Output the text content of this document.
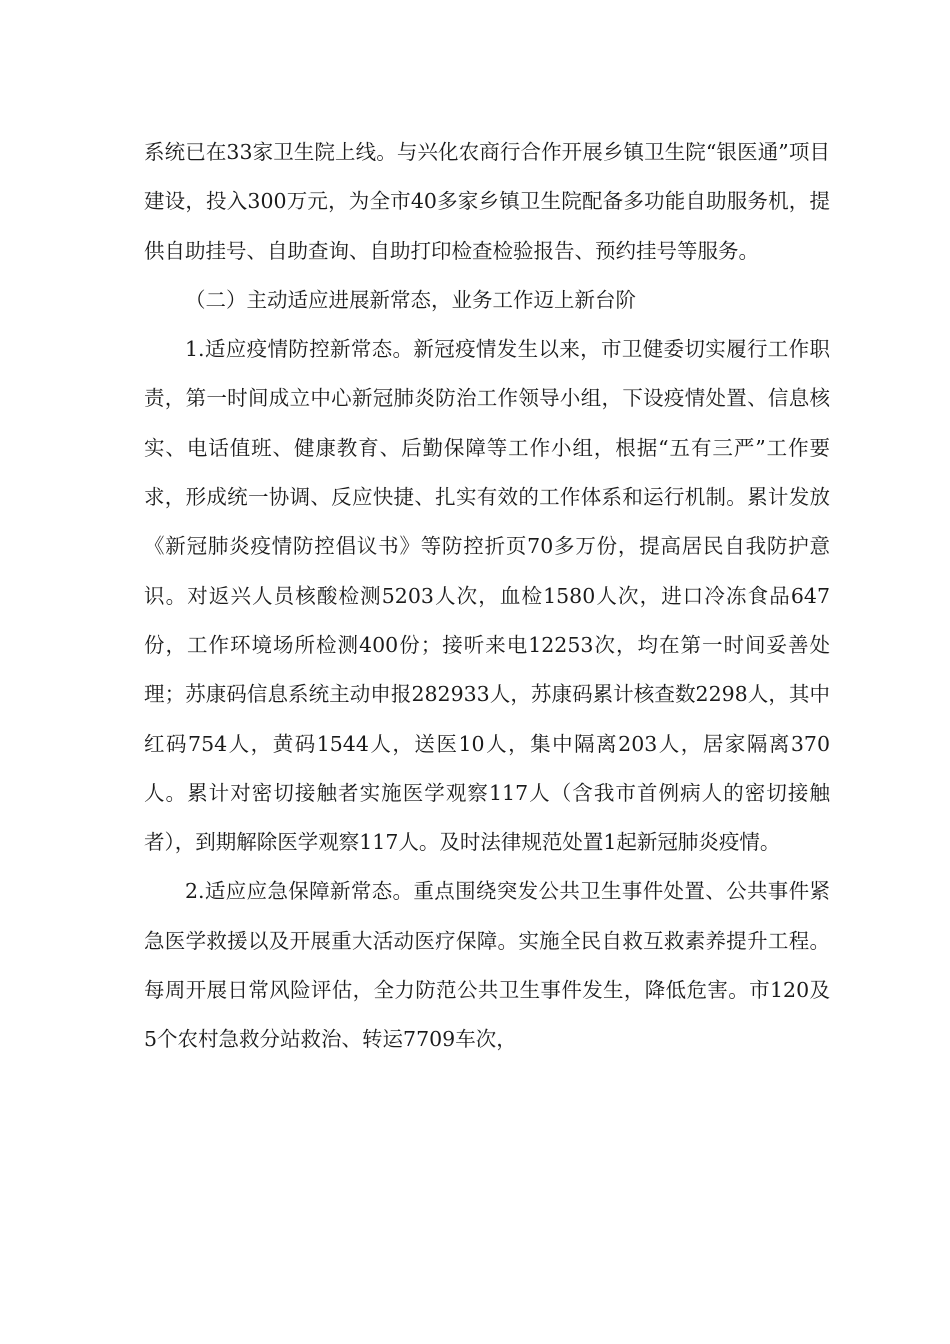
系统已在33家卫生院上线。与兴化农商行合作开展乡镇卫生院“银医通”项目建设，投入300万元，为全市40多家乡镇卫生院配备多功能自助服务机，提供自助挂号、自助查询、自助打印检查检验报告、预约挂号等服务。

（二）主动适应进展新常态，业务工作迈上新台阶

1.适应疫情防控新常态。新冠疫情发生以来，市卫健委切实履行工作职责，第一时间成立中心新冠肺炎防治工作领导小组，下设疫情处置、信息核实、电话值班、健康教育、后勤保障等工作小组，根据“五有三严”工作要求，形成统一协调、反应快捷、扎实有效的工作体系和运行机制。累计发放《新冠肺炎疫情防控倡议书》等防控折页70多万份，提高居民自我防护意识。对返兴人员核酸检测5203人次，血检1580人次，进口冷冻食品647份，工作环境场所检测400份；接听来电12253次，均在第一时间妥善处理；苏康码信息系统主动申报282933人，苏康码累计核查数2298人，其中红码754人，黄码1544人，送医10人，集中隔离203人，居家隔离370人。累计对密切接触者实施医学观察117人（含我市首例病人的密切接触者），到期解除医学观察117人。及时法律规范处置1起新冠肺炎疫情。

2.适应应急保障新常态。重点围绕突发公共卫生事件处置、公共事件紧急医学救援以及开展重大活动医疗保障。实施全民自救互救素养提升工程。每周开展日常风险评估，全力防范公共卫生事件发生，降低危害。市120及5个农村急救分站救治、转运7709车次，
